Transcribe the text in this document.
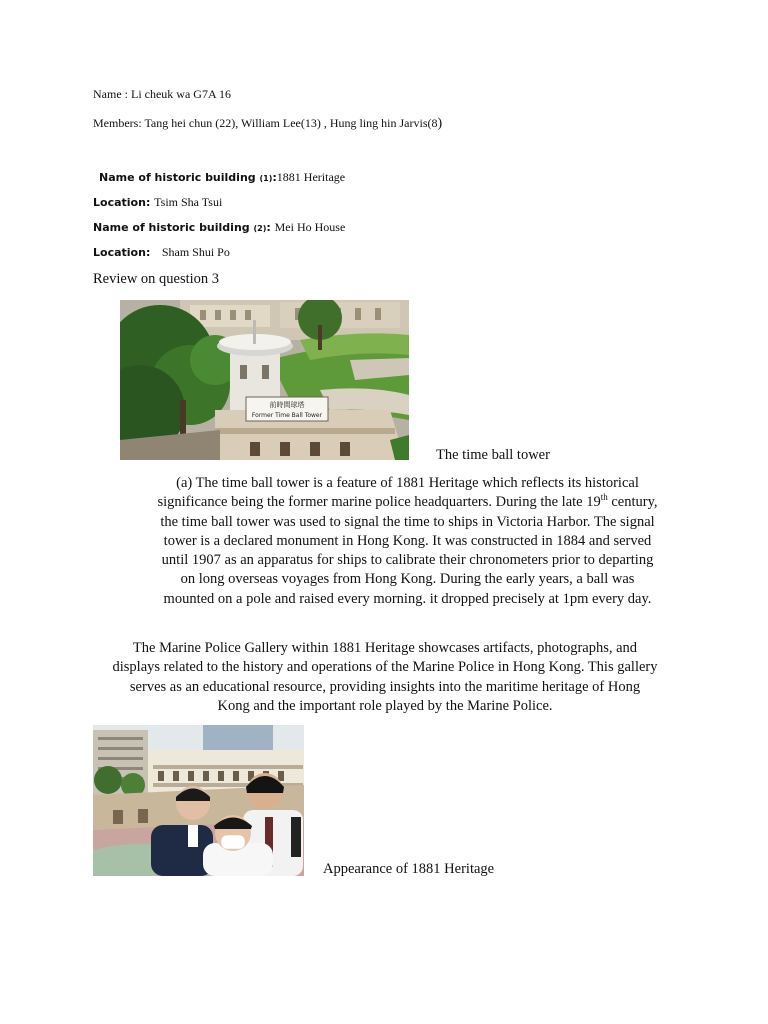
Name : Li cheuk wa G7A 16
Members: Tang hei chun (22), William Lee(13) , Hung ling hin Jarvis(8)
Name of historic building (1):1881 Heritage
Location: Tsim Sha Tsui
Name of historic building (2): Mei Ho House
Location:   Sham Shui Po
Review on question 3
前時間球塔
Former Time Ball Tower
The time ball tower
(a) The time ball tower is a feature of 1881 Heritage which reflects its historical
significance being the former marine police headquarters. During the late 19th century,
the time ball tower was used to signal the time to ships in Victoria Harbor. The signal
tower is a declared monument in Hong Kong. It was constructed in 1884 and served
until 1907 as an apparatus for ships to calibrate their chronometers prior to departing
on long overseas voyages from Hong Kong. During the early years, a ball was
mounted on a pole and raised every morning. it dropped precisely at 1pm every day.
The Marine Police Gallery within 1881 Heritage showcases artifacts, photographs, and
displays related to the history and operations of the Marine Police in Hong Kong. This gallery
serves as an educational resource, providing insights into the maritime heritage of Hong
Kong and the important role played by the Marine Police.
Appearance of 1881 Heritage
